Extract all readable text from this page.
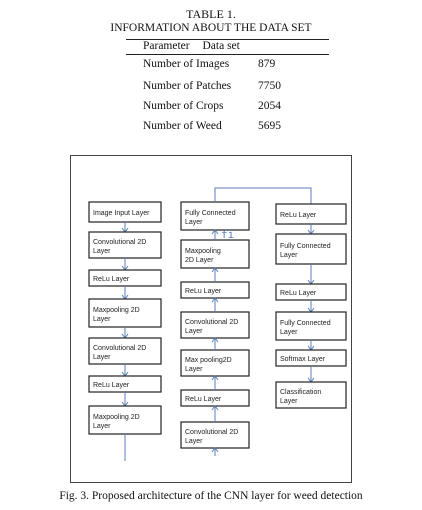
TABLE 1.
INFORMATION ABOUT THE DATA SET
Parameter Data set
Number of Images	879
Number of Patches 7750
Number of Crops	2054
Number of Weed	5695
Image Input Layer
Convolutional 2D Layer
ReLu Layer
Maxpooling 2D Layer
Convolutional 2D Layer
ReLu Layer
Maxpooling 2D Layer
Fully Connected Layer
Maxpooling 2D Layer
ReLu Layer
Convolutional 2D Layer
Max pooling2D Layer
ReLu Layer
Convolutional 2D Layer
ReLu Layer
Fully Connected Layer
ReLu Layer
Fully Connected Layer
Softmax Layer
Classification Layer
fi
Fig. 3. Proposed architecture of the CNN layer for weed detection
